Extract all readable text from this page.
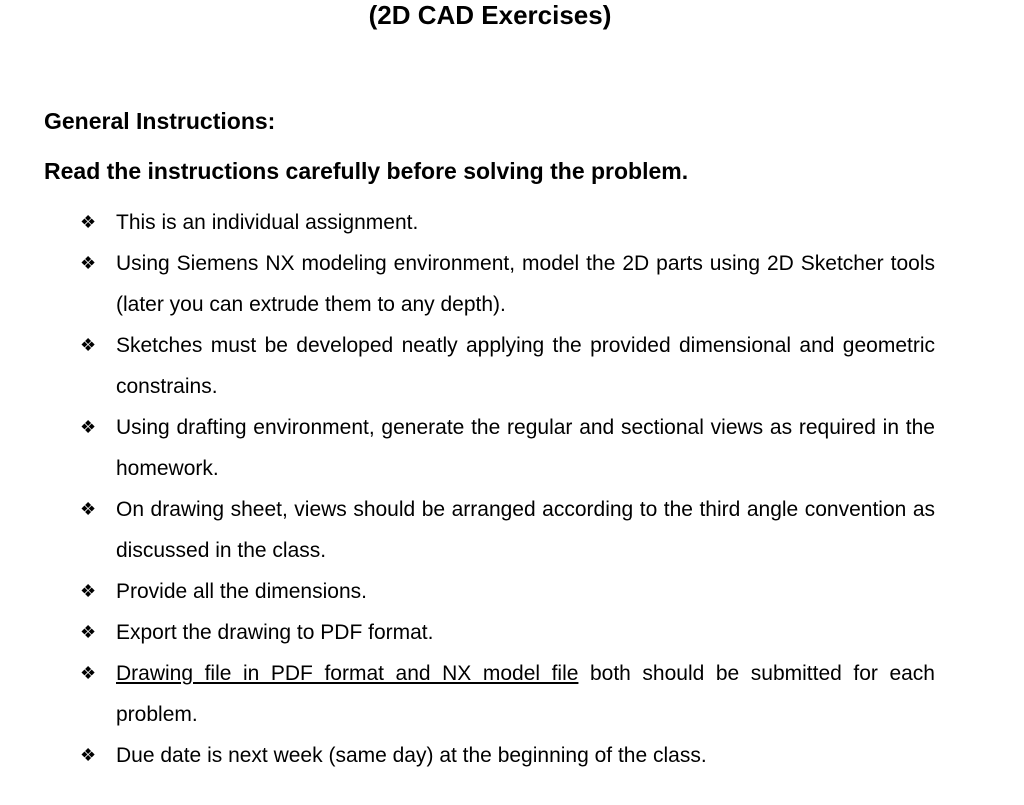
(2D CAD Exercises)
General Instructions:
Read the instructions carefully before solving the problem.
❖ This is an individual assignment.
❖ Using Siemens NX modeling environment, model the 2D parts using 2D Sketcher tools (later you can extrude them to any depth).
❖ Sketches must be developed neatly applying the provided dimensional and geometric constrains.
❖ Using drafting environment, generate the regular and sectional views as required in the homework.
❖ On drawing sheet, views should be arranged according to the third angle convention as discussed in the class.
❖ Provide all the dimensions.
❖ Export the drawing to PDF format.
❖ Drawing file in PDF format and NX model file both should be submitted for each problem.
❖ Due date is next week (same day) at the beginning of the class.
